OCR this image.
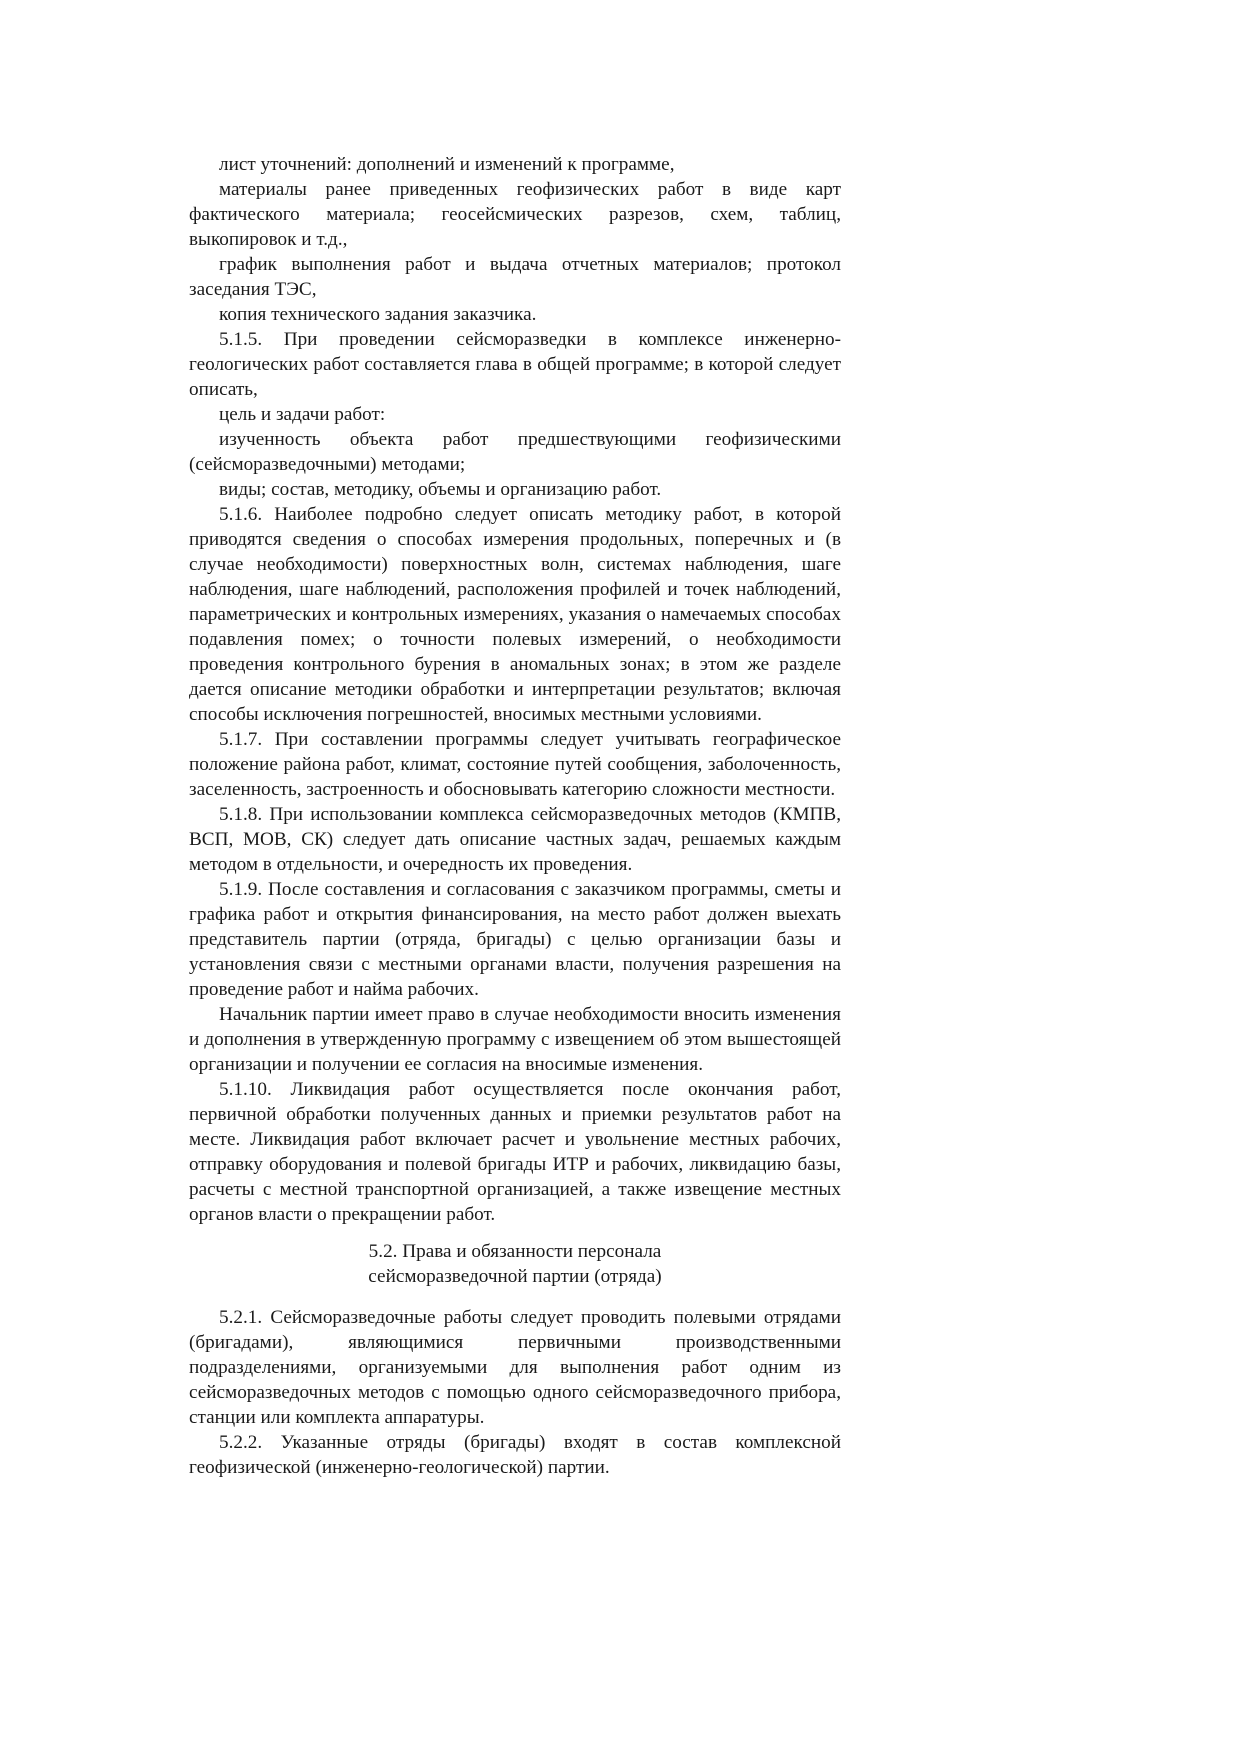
лист уточнений: дополнений и изменений к программе,

материалы ранее приведенных геофизических работ в виде карт фактического материала; геосейсмических разрезов, схем, таблиц, выкопировок и т.д.,

график выполнения работ и выдача отчетных материалов; протокол заседания ТЭС,

копия технического задания заказчика.

5.1.5. При проведении сейсморазведки в комплексе инженерно-геологических работ составляется глава в общей программе; в которой следует описать,

цель и задачи работ:

изученность объекта работ предшествующими геофизическими (сейсморазведочными) методами;

виды; состав, методику, объемы и организацию работ.

5.1.6. Наиболее подробно следует описать методику работ, в которой приводятся сведения о способах измерения продольных, поперечных и (в случае необходимости) поверхностных волн, системах наблюдения, шаге наблюдения, шаге наблюдений, расположения профилей и точек наблюдений, параметрических и контрольных измерениях, указания о намечаемых способах подавления помех; о точности полевых измерений, о необходимости проведения контрольного бурения в аномальных зонах; в этом же разделе дается описание методики обработки и интерпретации результатов; включая способы исключения погрешностей, вносимых местными условиями.

5.1.7. При составлении программы следует учитывать географическое положение района работ, климат, состояние путей сообщения, заболоченность, заселенность, застроенность и обосновывать категорию сложности местности.

5.1.8. При использовании комплекса сейсморазведочных методов (КМПВ, ВСП, МОВ, СК) следует дать описание частных задач, решаемых каждым методом в отдельности, и очередность их проведения.

5.1.9. После составления и согласования с заказчиком программы, сметы и графика работ и открытия финансирования, на место работ должен выехать представитель партии (отряда, бригады) с целью организации базы и установления связи с местными органами власти, получения разрешения на проведение работ и найма рабочих.

Начальник партии имеет право в случае необходимости вносить изменения и дополнения в утвержденную программу с извещением об этом вышестоящей организации и получении ее согласия на вносимые изменения.

5.1.10. Ликвидация работ осуществляется после окончания работ, первичной обработки полученных данных и приемки результатов работ на месте. Ликвидация работ включает расчет и увольнение местных рабочих, отправку оборудования и полевой бригады ИТР и рабочих, ликвидацию базы, расчеты с местной транспортной организацией, а также извещение местных органов власти о прекращении работ.

5.2. Права и обязанности персонала
сейсморазведочной партии (отряда)

5.2.1. Сейсморазведочные работы следует проводить полевыми отрядами (бригадами), являющимися первичными производственными подразделениями, организуемыми для выполнения работ одним из сейсморазведочных методов с помощью одного сейсморазведочного прибора, станции или комплекта аппаратуры.

5.2.2. Указанные отряды (бригады) входят в состав комплексной геофизической (инженерно-геологической) партии.
